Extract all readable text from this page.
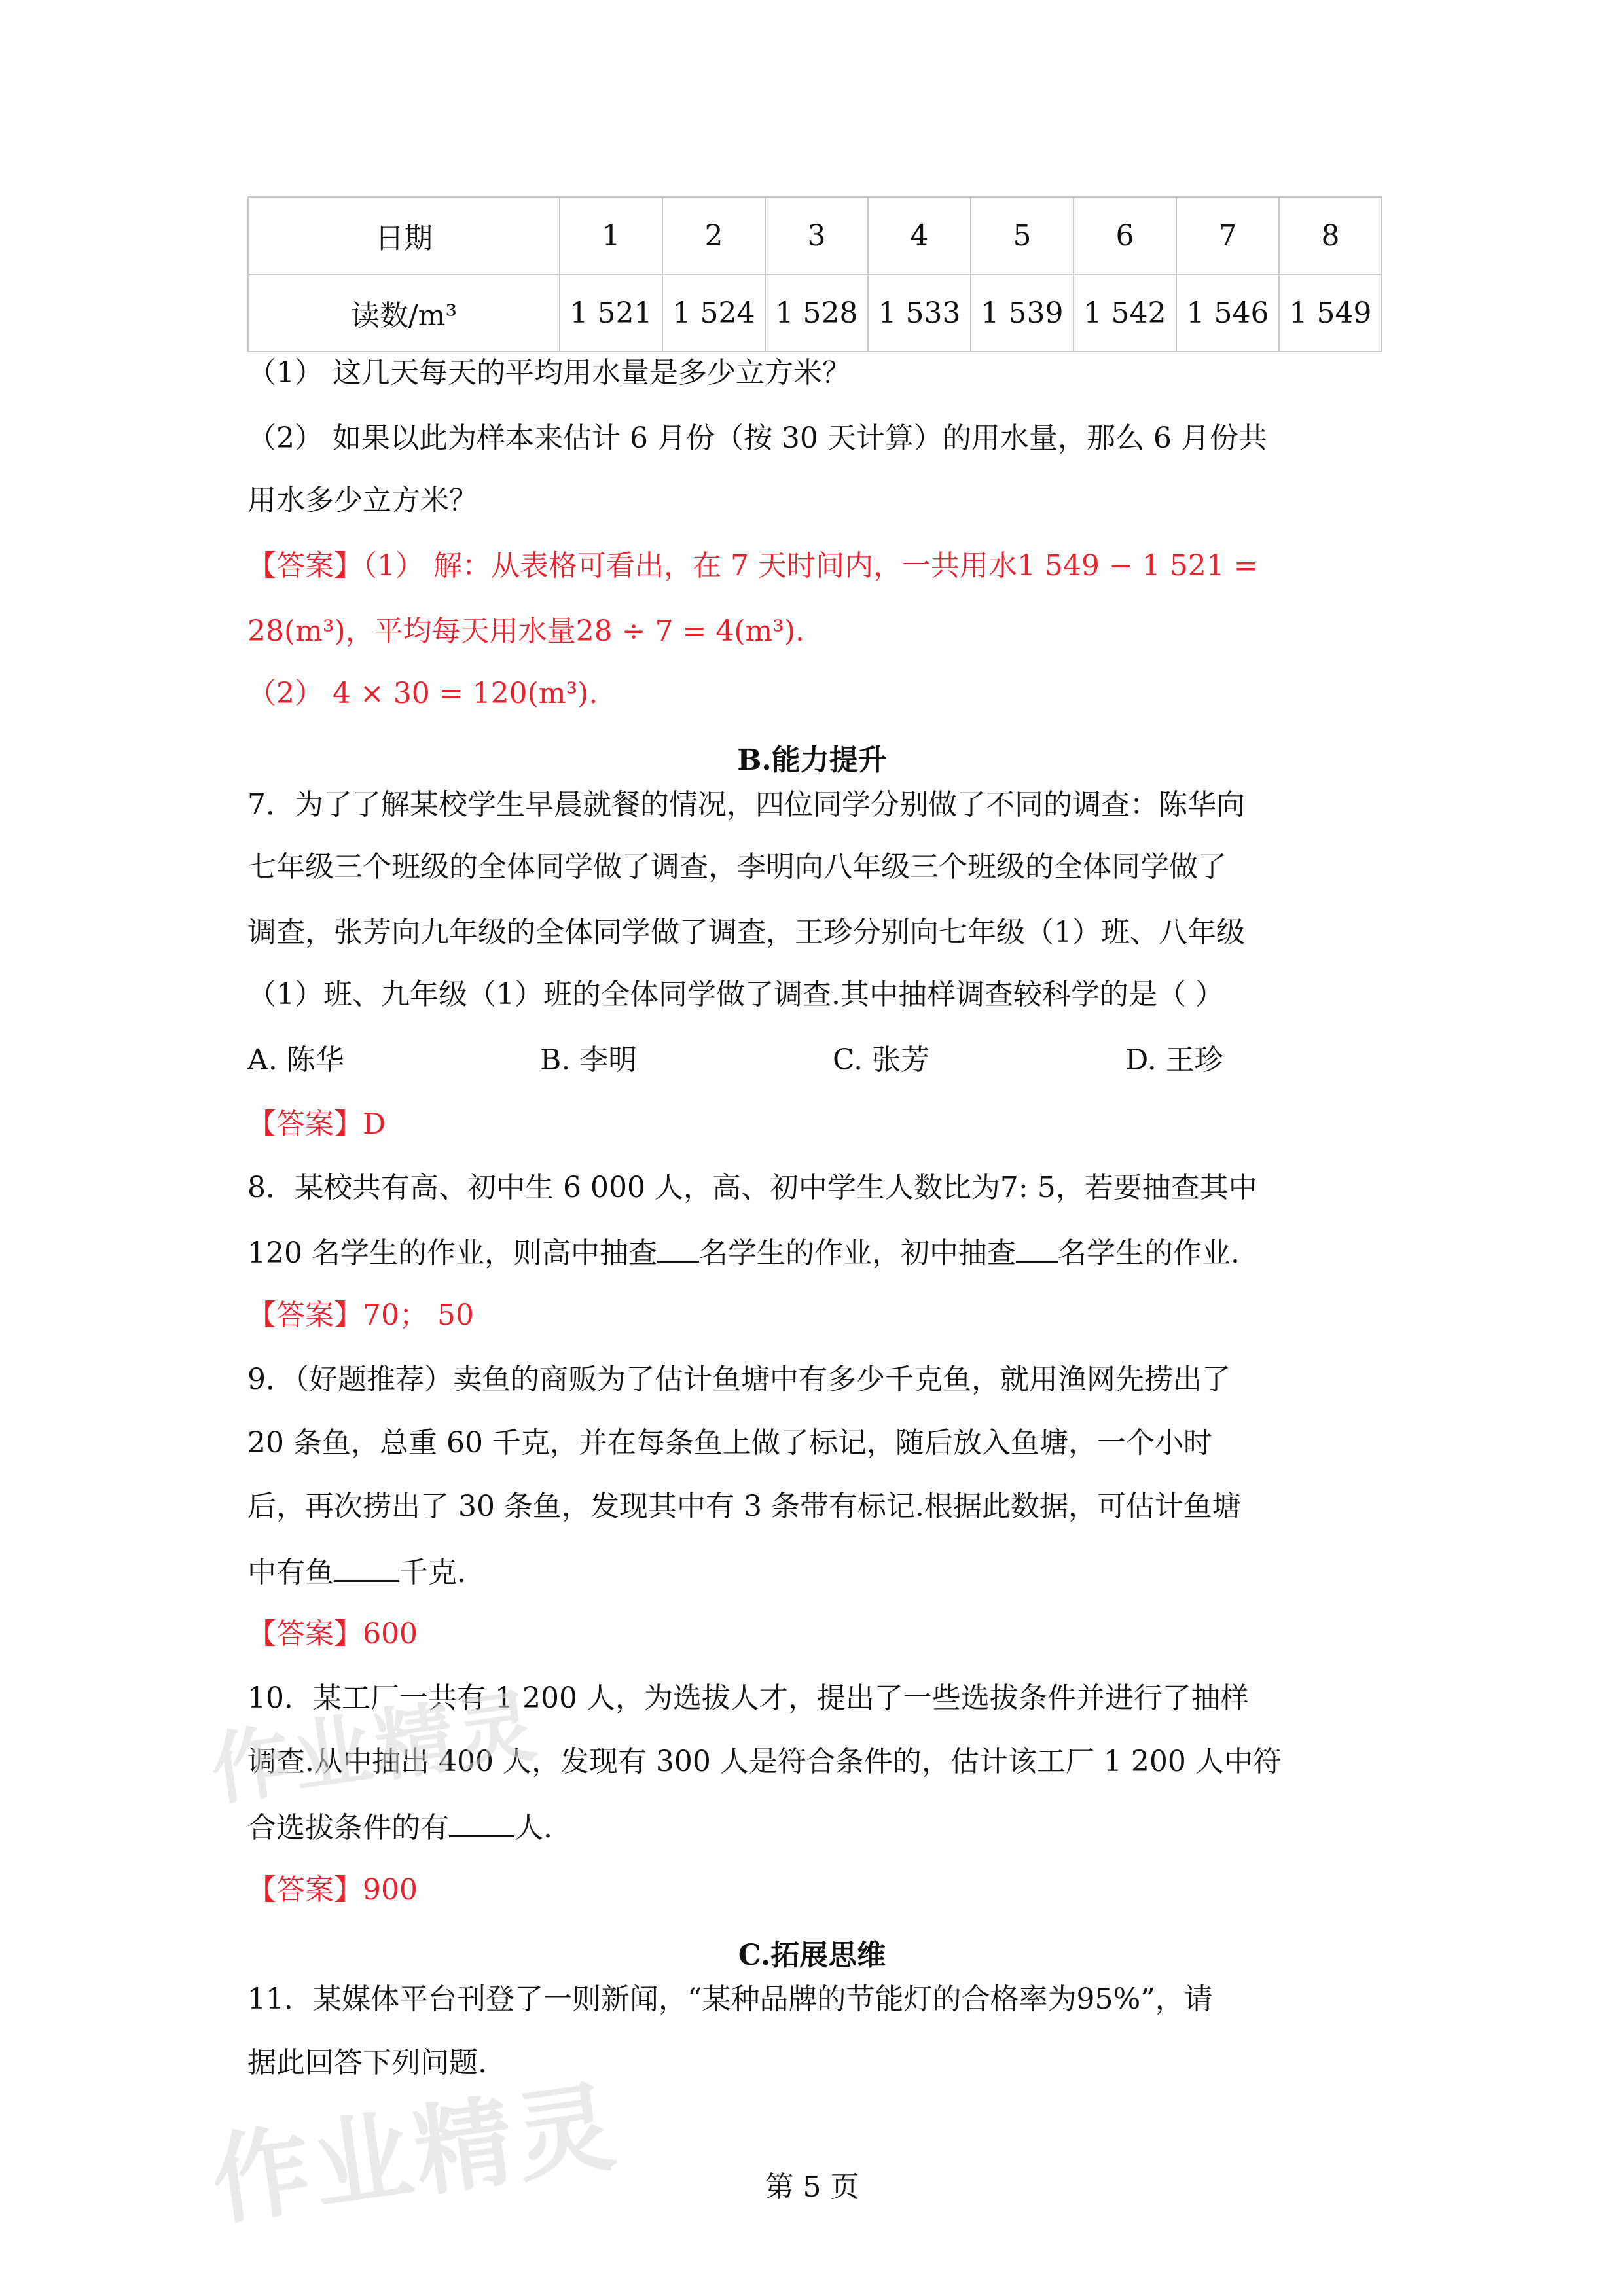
日期	1	2	3	4	5	6	7	8
读数/m³	1 521	1 524	1 528	1 533	1 539	1 542	1 546	1 549
（1） 这几天每天的平均用水量是多少立方米？
（2） 如果以此为样本来估计 6 月份（按 30 天计算）的用水量，那么 6 月份共
用水多少立方米？
【答案】（1） 解：从表格可看出，在 7 天时间内，一共用水1 549 − 1 521 =
28(m³)，平均每天用水量28 ÷ 7 = 4(m³).
（2） 4 × 30 = 120(m³).
B.能力提升
7．为了了解某校学生早晨就餐的情况，四位同学分别做了不同的调查：陈华向
七年级三个班级的全体同学做了调查，李明向八年级三个班级的全体同学做了
调查，张芳向九年级的全体同学做了调查，王珍分别向七年级（1）班、八年级
（1）班、九年级（1）班的全体同学做了调查.其中抽样调查较科学的是（ ）
A. 陈华	B. 李明	C. 张芳	D. 王珍
【答案】D
8．某校共有高、初中生 6 000 人，高、初中学生人数比为7: 5，若要抽查其中
120 名学生的作业，则高中抽查 名学生的作业，初中抽查 名学生的作业.
【答案】70； 50
9．（好题推荐）卖鱼的商贩为了估计鱼塘中有多少千克鱼，就用渔网先捞出了
20 条鱼，总重 60 千克，并在每条鱼上做了标记，随后放入鱼塘，一个小时
后，再次捞出了 30 条鱼，发现其中有 3 条带有标记.根据此数据，可估计鱼塘
中有鱼 千克.
【答案】600
10．某工厂一共有 1 200 人，为选拔人才，提出了一些选拔条件并进行了抽样
调查.从中抽出 400 人，发现有 300 人是符合条件的，估计该工厂 1 200 人中符
合选拔条件的有 人.
【答案】900
C.拓展思维
11．某媒体平台刊登了一则新闻，“某种品牌的节能灯的合格率为95%”，请
据此回答下列问题.
第 5 页
作业精灵
作业精灵
